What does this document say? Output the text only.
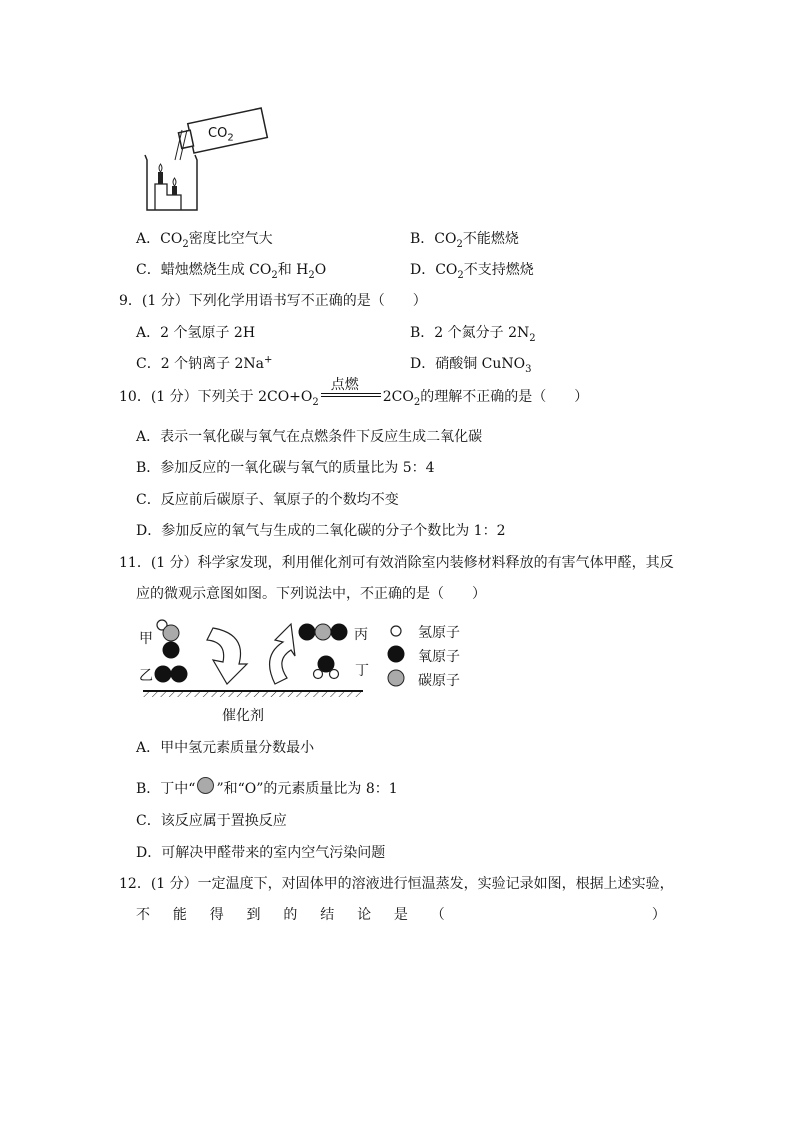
$CO_2$
A．$CO_2$密度比空气大	B．$CO_2$不能燃烧
C．蜡烛燃烧生成 $CO_2$和 $H_2O$	D．$CO_2$不支持燃烧
9．(1 分）下列化学用语书写不正确的是（　　）
A．2 个氢原子 2H	B．2 个氮分子 $2N_2$
C．2 个钠离子 2Na+	D．硝酸铜 CuNO$_3$
10．(1 分）下列关于 $2CO+O_2$
点燃
$2CO_2$的理解不正确的是（　　）
A．表示一氧化碳与氧气在点燃条件下反应生成二氧化碳
B．参加反应的一氧化碳与氧气的质量比为 5：4
C．反应前后碳原子、氧原子的个数均不变
D．参加反应的氧气与生成的二氧化碳的分子个数比为 1：2
11．(1 分）科学家发现，利用催化剂可有效消除室内装修材料释放的有害气体甲醛，其反
应的微观示意图如图。下列说法中，不正确的是（　　）
甲
乙
丙
丁
氢原子
氧原子
碳原子
催化剂
A．甲中氢元素质量分数最小
B．丁中“ ”和“O”的元素质量比为 8：1
C．该反应属于置换反应
D．可解决甲醛带来的室内空气污染问题
12．(1 分）一定温度下，对固体甲的溶液进行恒温蒸发，实验记录如图，根据上述实验，
不 能 得 到 的 结 论 是 （

　	）
